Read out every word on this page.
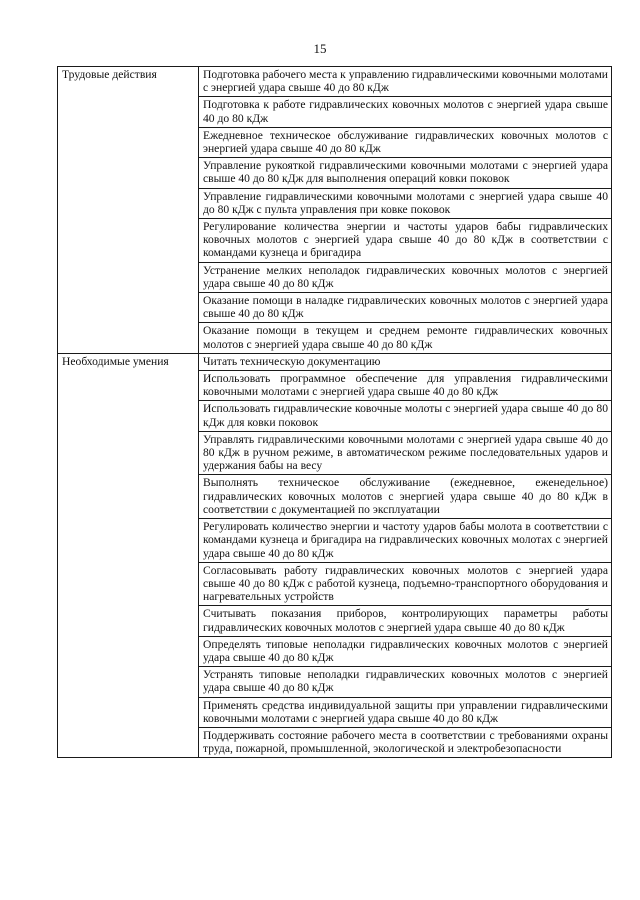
15
Трудовые действия	Подготовка рабочего места к управлению гидравлическими ковочными молотами с энергией удара свыше 40 до 80 кДж
	Подготовка к работе гидравлических ковочных молотов с энергией удара свыше 40 до 80 кДж
	Ежедневное техническое обслуживание гидравлических ковочных молотов с энергией удара свыше 40 до 80 кДж
	Управление рукояткой гидравлическими ковочными молотами с энергией удара свыше 40 до 80 кДж для выполнения операций ковки поковок
	Управление гидравлическими ковочными молотами с энергией удара свыше 40 до 80 кДж с пульта управления при ковке поковок
	Регулирование количества энергии и частоты ударов бабы гидравлических ковочных молотов с энергией удара свыше 40 до 80 кДж в соответствии с командами кузнеца и бригадира
	Устранение мелких неполадок гидравлических ковочных молотов с энергией удара свыше 40 до 80 кДж
	Оказание помощи в наладке гидравлических ковочных молотов с энергией удара свыше 40 до 80 кДж
	Оказание помощи в текущем и среднем ремонте гидравлических ковочных молотов с энергией удара свыше 40 до 80 кДж
Необходимые умения	Читать техническую документацию
	Использовать программное обеспечение для управления гидравлическими ковочными молотами с энергией удара свыше 40 до 80 кДж
	Использовать гидравлические ковочные молоты с энергией удара свыше 40 до 80 кДж для ковки поковок
	Управлять гидравлическими ковочными молотами с энергией удара свыше 40 до 80 кДж в ручном режиме, в автоматическом режиме последовательных ударов и удержания бабы на весу
	Выполнять техническое обслуживание (ежедневное, еженедельное) гидравлических ковочных молотов с энергией удара свыше 40 до 80 кДж в соответствии с документацией по эксплуатации
	Регулировать количество энергии и частоту ударов бабы молота в соответствии с командами кузнеца и бригадира на гидравлических ковочных молотах с энергией удара свыше 40 до 80 кДж
	Согласовывать работу гидравлических ковочных молотов с энергией удара свыше 40 до 80 кДж с работой кузнеца, подъемно-транспортного оборудования и нагревательных устройств
	Считывать показания приборов, контролирующих параметры работы гидравлических ковочных молотов с энергией удара свыше 40 до 80 кДж
	Определять типовые неполадки гидравлических ковочных молотов с энергией удара свыше 40 до 80 кДж
	Устранять типовые неполадки гидравлических ковочных молотов с энергией удара свыше 40 до 80 кДж
	Применять средства индивидуальной защиты при управлении гидравлическими ковочными молотами с энергией удара свыше 40 до 80 кДж
	Поддерживать состояние рабочего места в соответствии с требованиями охраны труда, пожарной, промышленной, экологической и электробезопасности
